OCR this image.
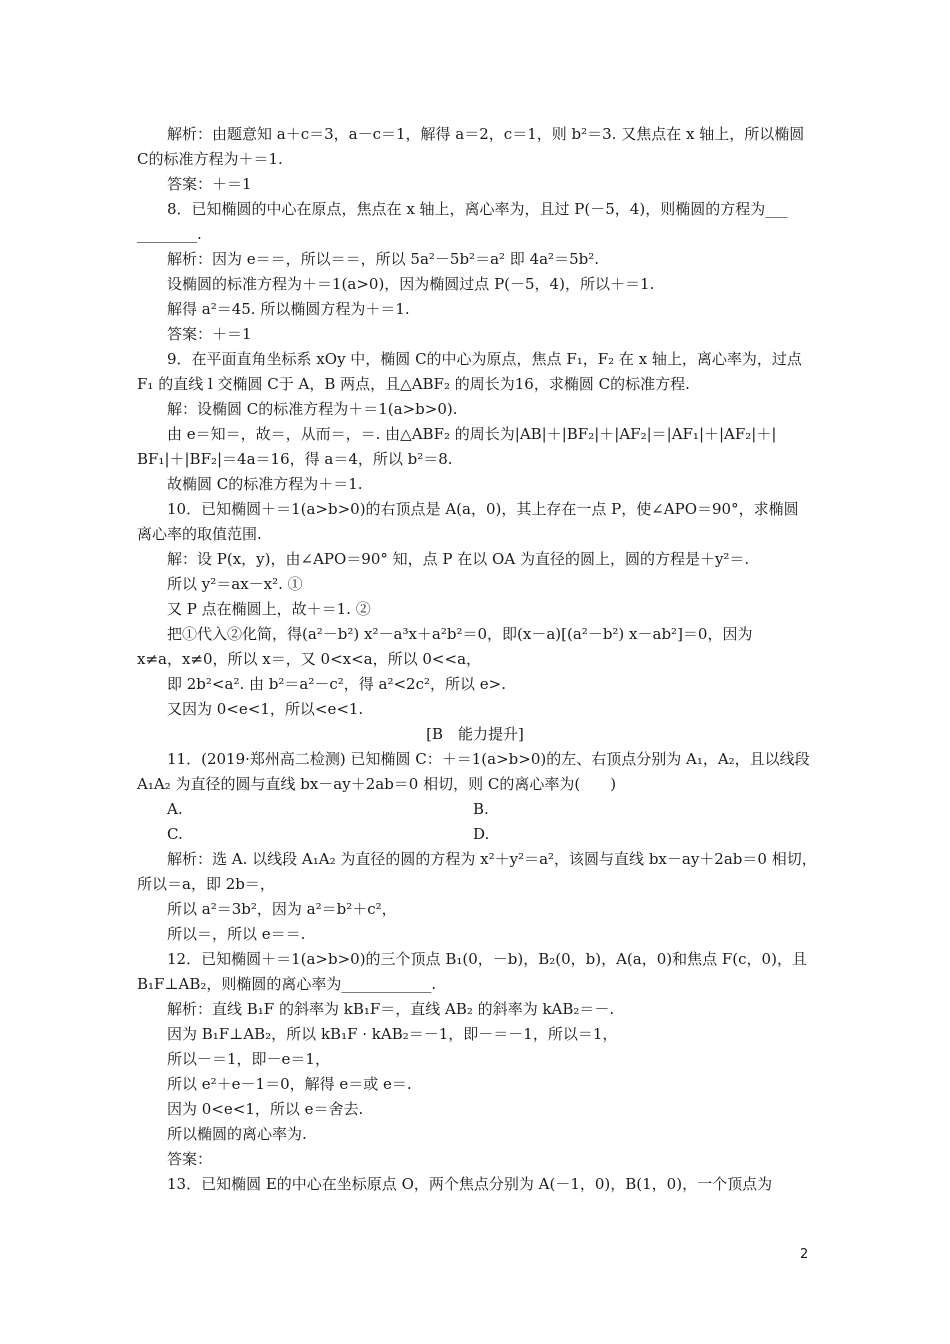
解析：由题意知 a＋c＝3，a－c＝1，解得 a＝2，c＝1，则 b²＝3. 又焦点在 x 轴上，所以椭圆
C的标准方程为＋＝1.
答案：＋＝1
8．已知椭圆的中心在原点，焦点在 x 轴上，离心率为，且过 P(－5，4)，则椭圆的方程为___
________.
解析：因为 e＝＝，所以＝＝，所以 5a²－5b²＝a² 即 4a²＝5b².
设椭圆的标准方程为＋＝1(a>0)，因为椭圆过点 P(－5，4)，所以＋＝1.
解得 a²＝45. 所以椭圆方程为＋＝1.
答案：＋＝1
9．在平面直角坐标系 xOy 中，椭圆 C的中心为原点，焦点 F₁，F₂ 在 x 轴上，离心率为，过点
F₁ 的直线 l 交椭圆 C于 A，B 两点，且△ABF₂ 的周长为16，求椭圆 C的标准方程.
解：设椭圆 C的标准方程为＋＝1(a>b>0).
由 e＝知＝，故＝，从而＝，＝. 由△ABF₂ 的周长为|AB|＋|BF₂|＋|AF₂|＝|AF₁|＋|AF₂|＋|
BF₁|＋|BF₂|＝4a＝16，得 a＝4，所以 b²＝8.
故椭圆 C的标准方程为＋＝1.
10．已知椭圆＋＝1(a>b>0)的右顶点是 A(a，0)，其上存在一点 P，使∠APO＝90°，求椭圆
离心率的取值范围.
解：设 P(x，y)，由∠APO＝90° 知，点 P 在以 OA 为直径的圆上，圆的方程是＋y²＝.
所以 y²＝ax－x². ①
又 P 点在椭圆上，故＋＝1. ②
把①代入②化简，得(a²－b²) x²－a³x＋a²b²＝0，即(x－a)[(a²－b²) x－ab²]＝0，因为
x≠a，x≠0，所以 x＝，又 0<x<a，所以 0<<a，
即 2b²<a². 由 b²＝a²－c²，得 a²<2c²，所以 e>.
又因为 0<e<1，所以<e<1.
[B　能力提升]
11．(2019·郑州高二检测) 已知椭圆 C：＋＝1(a>b>0)的左、右顶点分别为 A₁，A₂，且以线段
A₁A₂ 为直径的圆与直线 bx－ay＋2ab＝0 相切，则 C的离心率为(　　)
A.	B.
C.	D.
解析：选 A. 以线段 A₁A₂ 为直径的圆的方程为 x²＋y²＝a²，该圆与直线 bx－ay＋2ab＝0 相切，
所以＝a，即 2b＝，
所以 a²＝3b²，因为 a²＝b²＋c²，
所以＝，所以 e＝＝.
12．已知椭圆＋＝1(a>b>0)的三个顶点 B₁(0，－b)，B₂(0，b)，A(a，0)和焦点 F(c，0)，且
B₁F⊥AB₂，则椭圆的离心率为____________.
解析：直线 B₁F 的斜率为 kB₁F＝，直线 AB₂ 的斜率为 kAB₂＝－.
因为 B₁F⊥AB₂，所以 kB₁F · kAB₂＝－1，即－＝－1，所以＝1，
所以－＝1，即－e＝1，
所以 e²＋e－1＝0，解得 e＝或 e＝.
因为 0<e<1，所以 e＝舍去.
所以椭圆的离心率为.
答案：
13．已知椭圆 E的中心在坐标原点 O，两个焦点分别为 A(－1，0)，B(1，0)，一个顶点为
2
